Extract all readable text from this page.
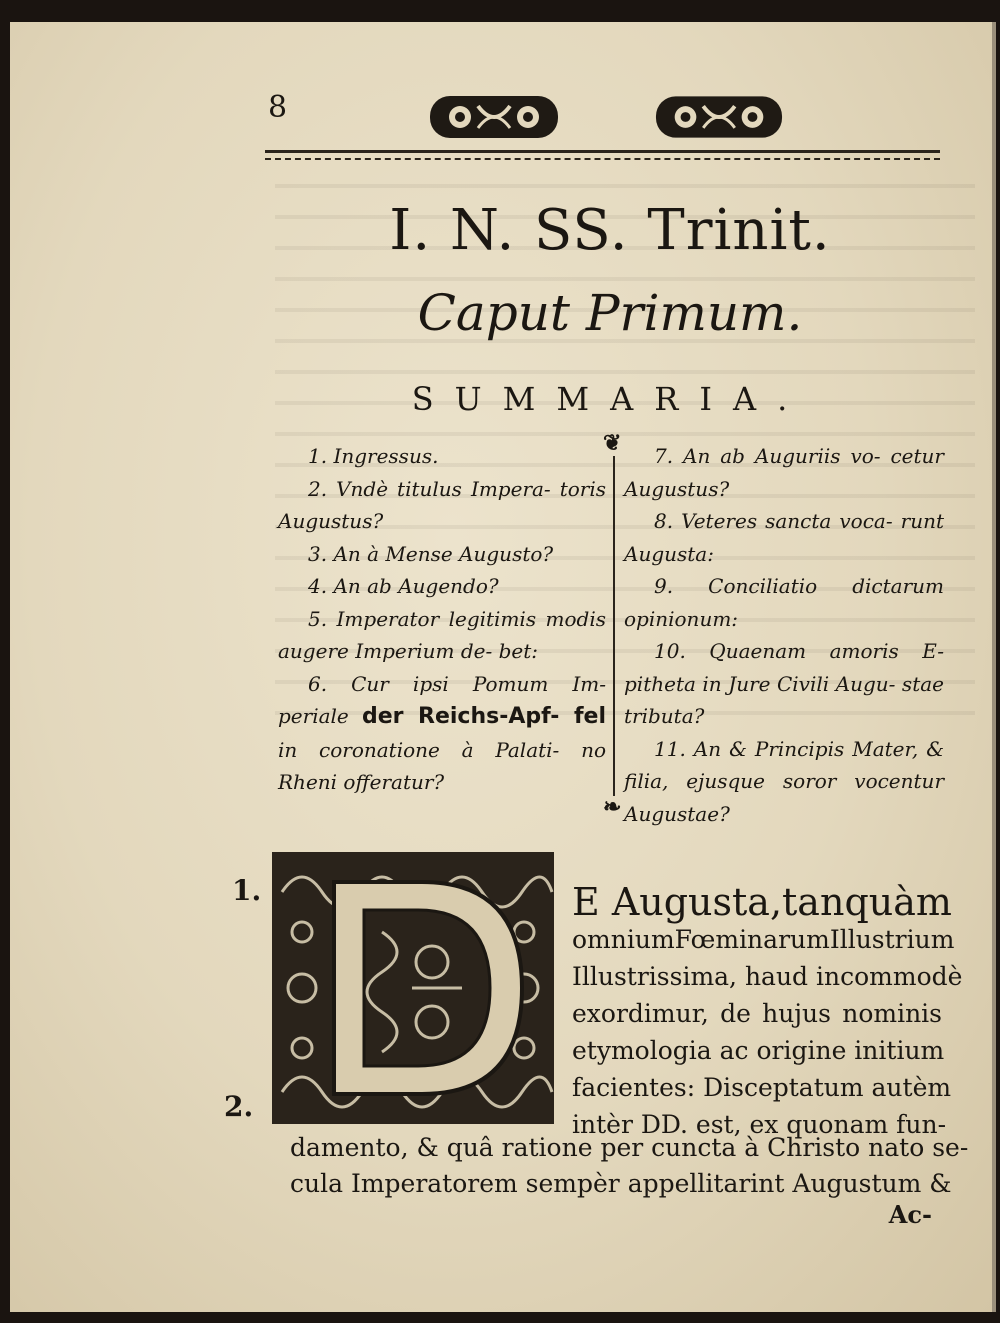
8
I. N. SS. Trinit.
Caput Primum.
SUMMARIA.

1. Ingressus.

2. Vndè titulus Impera- toris Augustus?

3. An à Mense Augusto?

4. An ab Augendo?

5. Imperator legitimis modis augere Imperium de- bet:

6. Cur ipsi Pomum Im- periale der Reichs-Apf- fel in coronatione à Palati- no Rheni offeratur?

❦
❧

7. An ab Auguriis vo- cetur Augustus?

8. Veteres sancta voca- runt Augusta:

9. Conciliatio dictarum opinionum:

10. Quaenam amoris E- pitheta in Jure Civili Augu- stae tributa?

11. An & Principis Mater, & filia, ejusque soror vocentur Augustae?

1.
2.
E Augusta,tanquàm
omniumFœminarumIllustrium
Illustrissima, haud incommodè
exordimur, de hujus nominis
etymologia ac origine initium
facientes: Disceptatum autèm
intèr DD. est, ex quonam fun-
damento, & quâ ratione per cuncta à Christo nato se-
cula Imperatorem sempèr appellitarint Augustum &
Ac-
